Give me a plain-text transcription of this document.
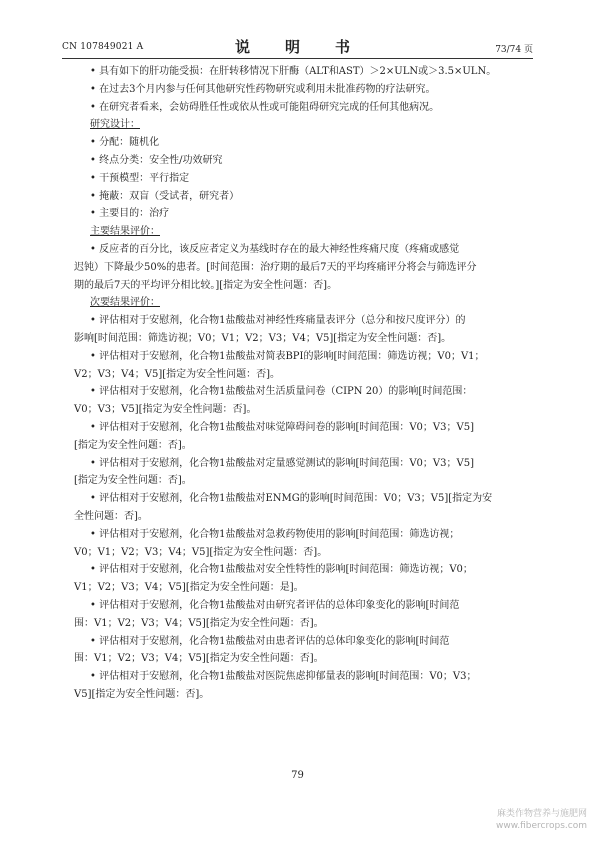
CN 107849021 A	说　明　书	73/74 页

• 具有如下的肝功能受损：在肝转移情况下肝酶（ALT和AST）＞2×ULN或＞3.5×ULN。

• 在过去3个月内参与任何其他研究性药物研究或利用未批准药物的疗法研究。

• 在研究者看来，会妨碍胜任性或依从性或可能阻碍研究完成的任何其他病况。

研究设计：

• 分配：随机化

• 终点分类：安全性/功效研究

• 干预模型：平行指定

• 掩蔽：双盲（受试者，研究者）

• 主要目的：治疗

主要结果评价：

• 反应者的百分比，该反应者定义为基线时存在的最大神经性疼痛尺度（疼痛或感觉

迟钝）下降最少50%的患者。[时间范围：治疗期的最后7天的平均疼痛评分将会与筛选评分

期的最后7天的平均评分相比较。][指定为安全性问题：否]。

次要结果评价：

• 评估相对于安慰剂，化合物1盐酸盐对神经性疼痛量表评分（总分和按尺度评分）的

影响[时间范围：筛选访视；V0；V1；V2；V3；V4；V5][指定为安全性问题：否]。

• 评估相对于安慰剂，化合物1盐酸盐对简表BPI的影响[时间范围：筛选访视；V0；V1；

V2；V3；V4；V5][指定为安全性问题：否]。

• 评估相对于安慰剂，化合物1盐酸盐对生活质量问卷（CIPN 20）的影响[时间范围：

V0；V3；V5][指定为安全性问题：否]。

• 评估相对于安慰剂，化合物1盐酸盐对味觉障碍问卷的影响[时间范围：V0；V3；V5]

[指定为安全性问题：否]。

• 评估相对于安慰剂，化合物1盐酸盐对定量感觉测试的影响[时间范围：V0；V3；V5]

[指定为安全性问题：否]。

• 评估相对于安慰剂，化合物1盐酸盐对ENMG的影响[时间范围：V0；V3；V5][指定为安

全性问题：否]。

• 评估相对于安慰剂，化合物1盐酸盐对急救药物使用的影响[时间范围：筛选访视；

V0；V1；V2；V3；V4；V5][指定为安全性问题：否]。

• 评估相对于安慰剂，化合物1盐酸盐对安全性特性的影响[时间范围：筛选访视；V0；

V1；V2；V3；V4；V5][指定为安全性问题：是]。

• 评估相对于安慰剂，化合物1盐酸盐对由研究者评估的总体印象变化的影响[时间范

围：V1；V2；V3；V4；V5][指定为安全性问题：否]。

• 评估相对于安慰剂，化合物1盐酸盐对由患者评估的总体印象变化的影响[时间范

围：V1；V2；V3；V4；V5][指定为安全性问题：否]。

• 评估相对于安慰剂，化合物1盐酸盐对医院焦虑抑郁量表的影响[时间范围：V0；V3；

V5][指定为安全性问题：否]。

79
麻类作物营养与施肥网
www.fibercrops.com
